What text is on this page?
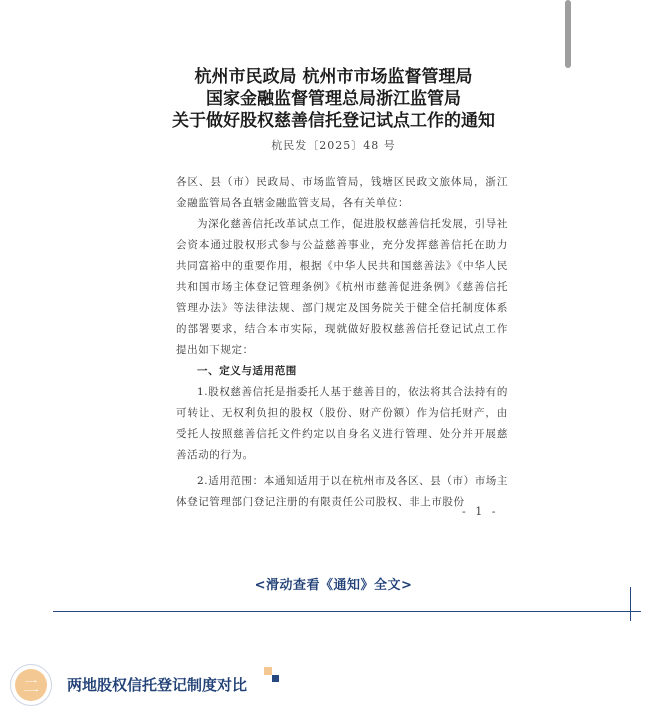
杭州市民政局 杭州市市场监督管理局
国家金融监督管理总局浙江监管局
关于做好股权慈善信托登记试点工作的通知
杭民发〔2025〕48 号

各区、县（市）民政局、市场监管局，钱塘区民政文旅体局，浙江金融监管局各直辖金融监管支局，各有关单位：

为深化慈善信托改革试点工作，促进股权慈善信托发展，引导社会资本通过股权形式参与公益慈善事业，充分发挥慈善信托在助力共同富裕中的重要作用，根据《中华人民共和国慈善法》《中华人民共和国市场主体登记管理条例》《杭州市慈善促进条例》《慈善信托管理办法》等法律法规、部门规定及国务院关于健全信托制度体系的部署要求，结合本市实际，现就做好股权慈善信托登记试点工作提出如下规定：

一、定义与适用范围

1.股权慈善信托是指委托人基于慈善目的，依法将其合法持有的可转让、无权利负担的股权（股份、财产份额）作为信托财产，由受托人按照慈善信托文件约定以自身名义进行管理、处分并开展慈善活动的行为。

2.适用范围：本通知适用于以在杭州市及各区、县（市）市场主体登记管理部门登记注册的有限责任公司股权、非上市股份

- 1 -
<滑动查看《通知》全文>
二	两地股权信托登记制度对比
